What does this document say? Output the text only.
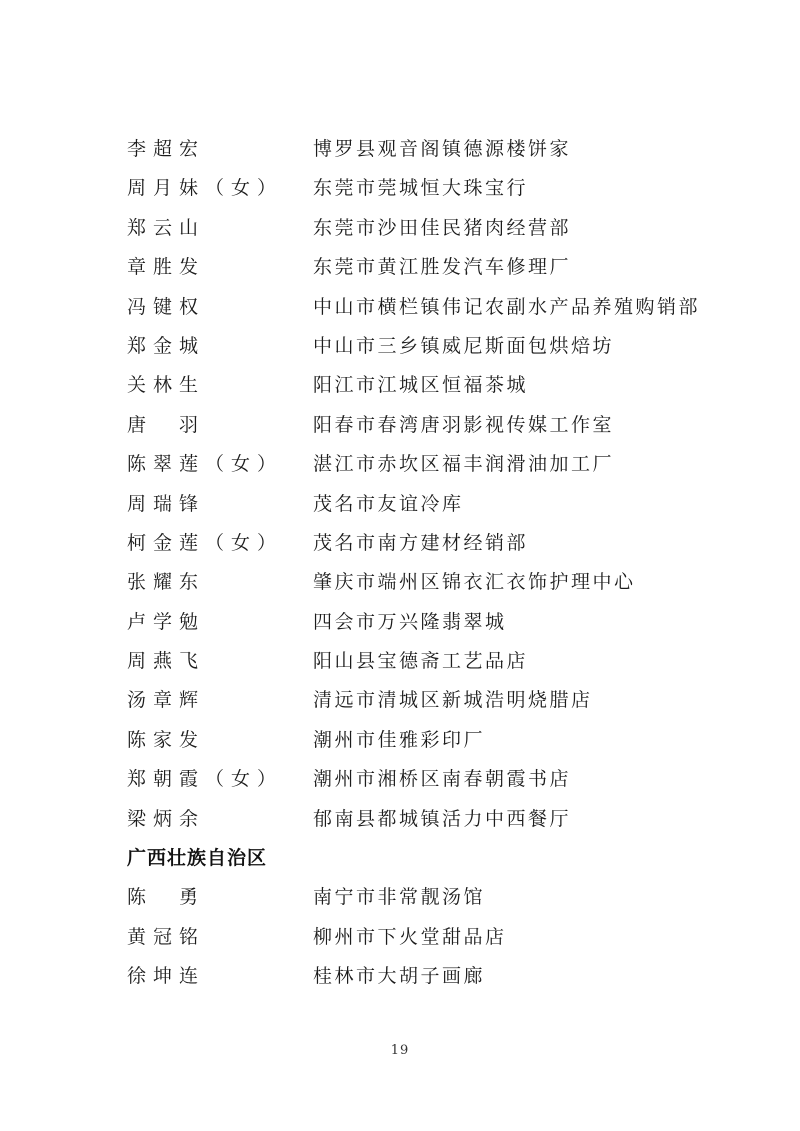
李超宏	博罗县观音阁镇德源楼饼家
周月妹（女）	东莞市莞城恒大珠宝行
郑云山	东莞市沙田佳民猪肉经营部
章胜发	东莞市黄江胜发汽车修理厂
冯键权	中山市横栏镇伟记农副水产品养殖购销部
郑金城	中山市三乡镇威尼斯面包烘焙坊
关林生	阳江市江城区恒福茶城
唐　羽	阳春市春湾唐羽影视传媒工作室
陈翠莲（女）	湛江市赤坎区福丰润滑油加工厂
周瑞锋	茂名市友谊冷库
柯金莲（女）	茂名市南方建材经销部
张耀东	肇庆市端州区锦衣汇衣饰护理中心
卢学勉	四会市万兴隆翡翠城
周燕飞	阳山县宝德斋工艺品店
汤章辉	清远市清城区新城浩明烧腊店
陈家发	潮州市佳雅彩印厂
郑朝霞（女）	潮州市湘桥区南春朝霞书店
梁炳余	郁南县都城镇活力中西餐厅
广西壮族自治区
陈　勇	南宁市非常靓汤馆
黄冠铭	柳州市下火堂甜品店
徐坤连	桂林市大胡子画廊
19
